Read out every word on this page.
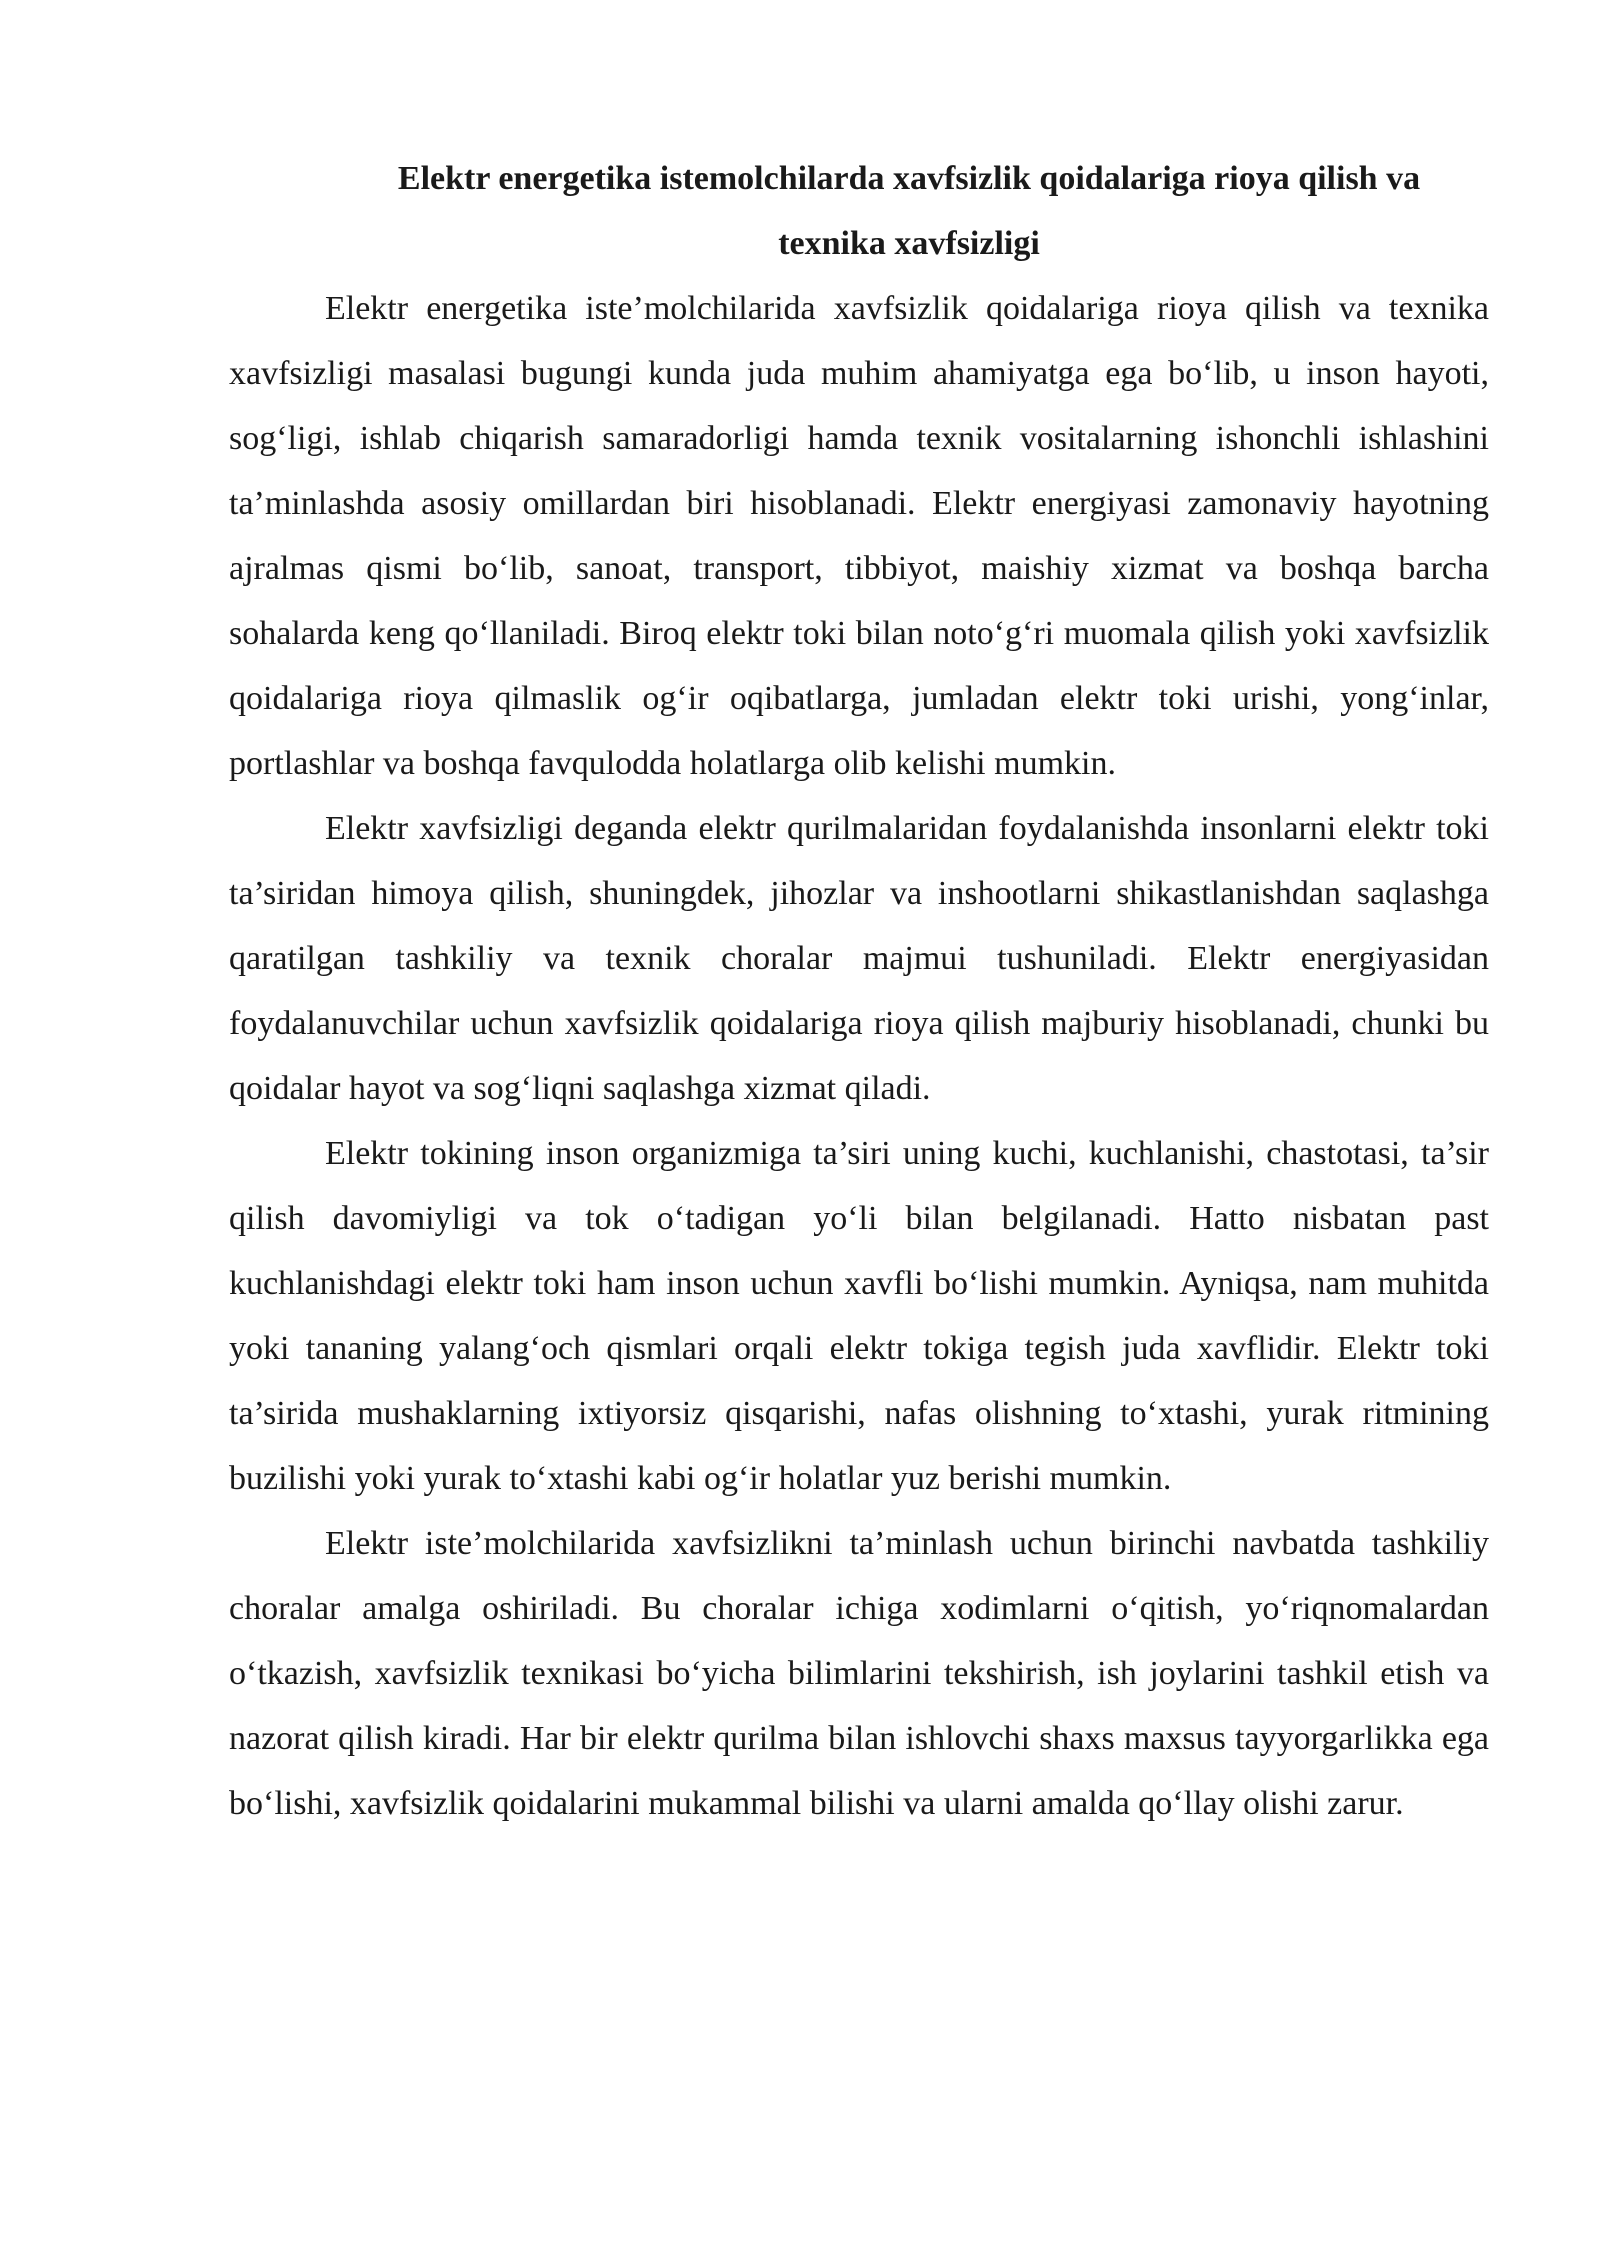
Elektr energetika istemolchilarda xavfsizlik qoidalariga rioya qilish va
texnika xavfsizligi

Elektr energetika iste’molchilarida xavfsizlik qoidalariga rioya qilish va texnika xavfsizligi masalasi bugungi kunda juda muhim ahamiyatga ega bo‘lib, u inson hayoti, sog‘ligi, ishlab chiqarish samaradorligi hamda texnik vositalarning ishonchli ishlashini ta’minlashda asosiy omillardan biri hisoblanadi. Elektr energiyasi zamonaviy hayotning ajralmas qismi bo‘lib, sanoat, transport, tibbiyot, maishiy xizmat va boshqa barcha sohalarda keng qo‘llaniladi. Biroq elektr toki bilan noto‘g‘ri muomala qilish yoki xavfsizlik qoidalariga rioya qilmaslik og‘ir oqibatlarga, jumladan elektr toki urishi, yong‘inlar, portlashlar va boshqa favqulodda holatlarga olib kelishi mumkin.

Elektr xavfsizligi deganda elektr qurilmalaridan foydalanishda insonlarni elektr toki ta’siridan himoya qilish, shuningdek, jihozlar va inshootlarni shikastlanishdan saqlashga qaratilgan tashkiliy va texnik choralar majmui tushuniladi. Elektr energiyasidan foydalanuvchilar uchun xavfsizlik qoidalariga rioya qilish majburiy hisoblanadi, chunki bu qoidalar hayot va sog‘liqni saqlashga xizmat qiladi.

Elektr tokining inson organizmiga ta’siri uning kuchi, kuchlanishi, chastotasi, ta’sir qilish davomiyligi va tok o‘tadigan yo‘li bilan belgilanadi. Hatto nisbatan past kuchlanishdagi elektr toki ham inson uchun xavfli bo‘lishi mumkin. Ayniqsa, nam muhitda yoki tananing yalang‘och qismlari orqali elektr tokiga tegish juda xavflidir. Elektr toki ta’sirida mushaklarning ixtiyorsiz qisqarishi, nafas olishning to‘xtashi, yurak ritmining buzilishi yoki yurak to‘xtashi kabi og‘ir holatlar yuz berishi mumkin.

Elektr iste’molchilarida xavfsizlikni ta’minlash uchun birinchi navbatda tashkiliy choralar amalga oshiriladi. Bu choralar ichiga xodimlarni o‘qitish, yo‘riqnomalardan o‘tkazish, xavfsizlik texnikasi bo‘yicha bilimlarini tekshirish, ish joylarini tashkil etish va nazorat qilish kiradi. Har bir elektr qurilma bilan ishlovchi shaxs maxsus tayyorgarlikka ega bo‘lishi, xavfsizlik qoidalarini mukammal bilishi va ularni amalda qo‘llay olishi zarur.
